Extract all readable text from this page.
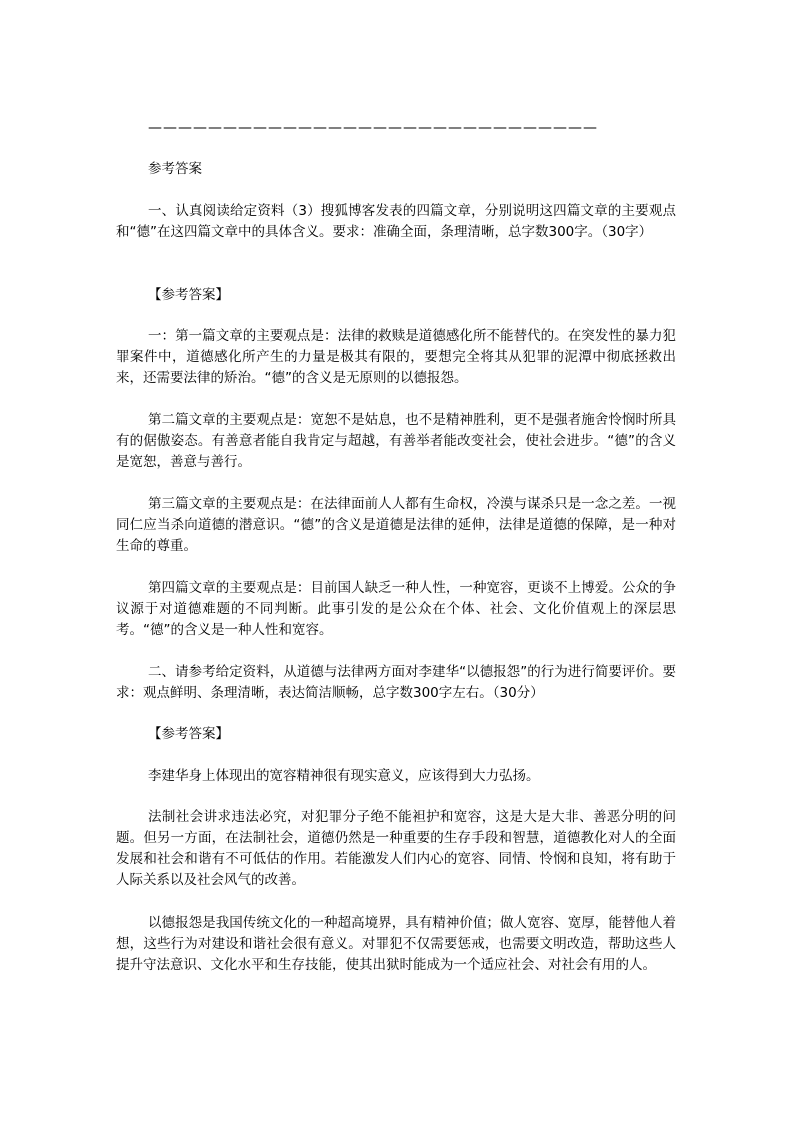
——————————————————————————————

参考答案

一、认真阅读给定资料（3）搜狐博客发表的四篇文章，分别说明这四篇文章的主要观点和“德”在这四篇文章中的具体含义。要求：准确全面，条理清晰，总字数300字。（30字）

【参考答案】

一：第一篇文章的主要观点是：法律的救赎是道德感化所不能替代的。在突发性的暴力犯罪案件中，道德感化所产生的力量是极其有限的，要想完全将其从犯罪的泥潭中彻底拯救出来，还需要法律的矫治。“德”的含义是无原则的以德报怨。

第二篇文章的主要观点是：宽恕不是姑息，也不是精神胜利，更不是强者施舍怜悯时所具有的倨傲姿态。有善意者能自我肯定与超越，有善举者能改变社会，使社会进步。“德”的含义是宽恕，善意与善行。

第三篇文章的主要观点是：在法律面前人人都有生命权，冷漠与谋杀只是一念之差。一视同仁应当杀向道德的潜意识。“德”的含义是道德是法律的延伸，法律是道德的保障，是一种对生命的尊重。

第四篇文章的主要观点是：目前国人缺乏一种人性，一种宽容，更谈不上博爱。公众的争议源于对道德难题的不同判断。此事引发的是公众在个体、社会、文化价值观上的深层思考。“德”的含义是一种人性和宽容。

二、请参考给定资料，从道德与法律两方面对李建华“以德报怨”的行为进行简要评价。要求：观点鲜明、条理清晰，表达简洁顺畅，总字数300字左右。（30分）

【参考答案】

李建华身上体现出的宽容精神很有现实意义，应该得到大力弘扬。

法制社会讲求违法必究，对犯罪分子绝不能袒护和宽容，这是大是大非、善恶分明的问题。但另一方面，在法制社会，道德仍然是一种重要的生存手段和智慧，道德教化对人的全面发展和社会和谐有不可低估的作用。若能激发人们内心的宽容、同情、怜悯和良知，将有助于人际关系以及社会风气的改善。

以德报怨是我国传统文化的一种超高境界，具有精神价值；做人宽容、宽厚，能替他人着想，这些行为对建设和谐社会很有意义。对罪犯不仅需要惩戒，也需要文明改造，帮助这些人提升守法意识、文化水平和生存技能，使其出狱时能成为一个适应社会、对社会有用的人。
